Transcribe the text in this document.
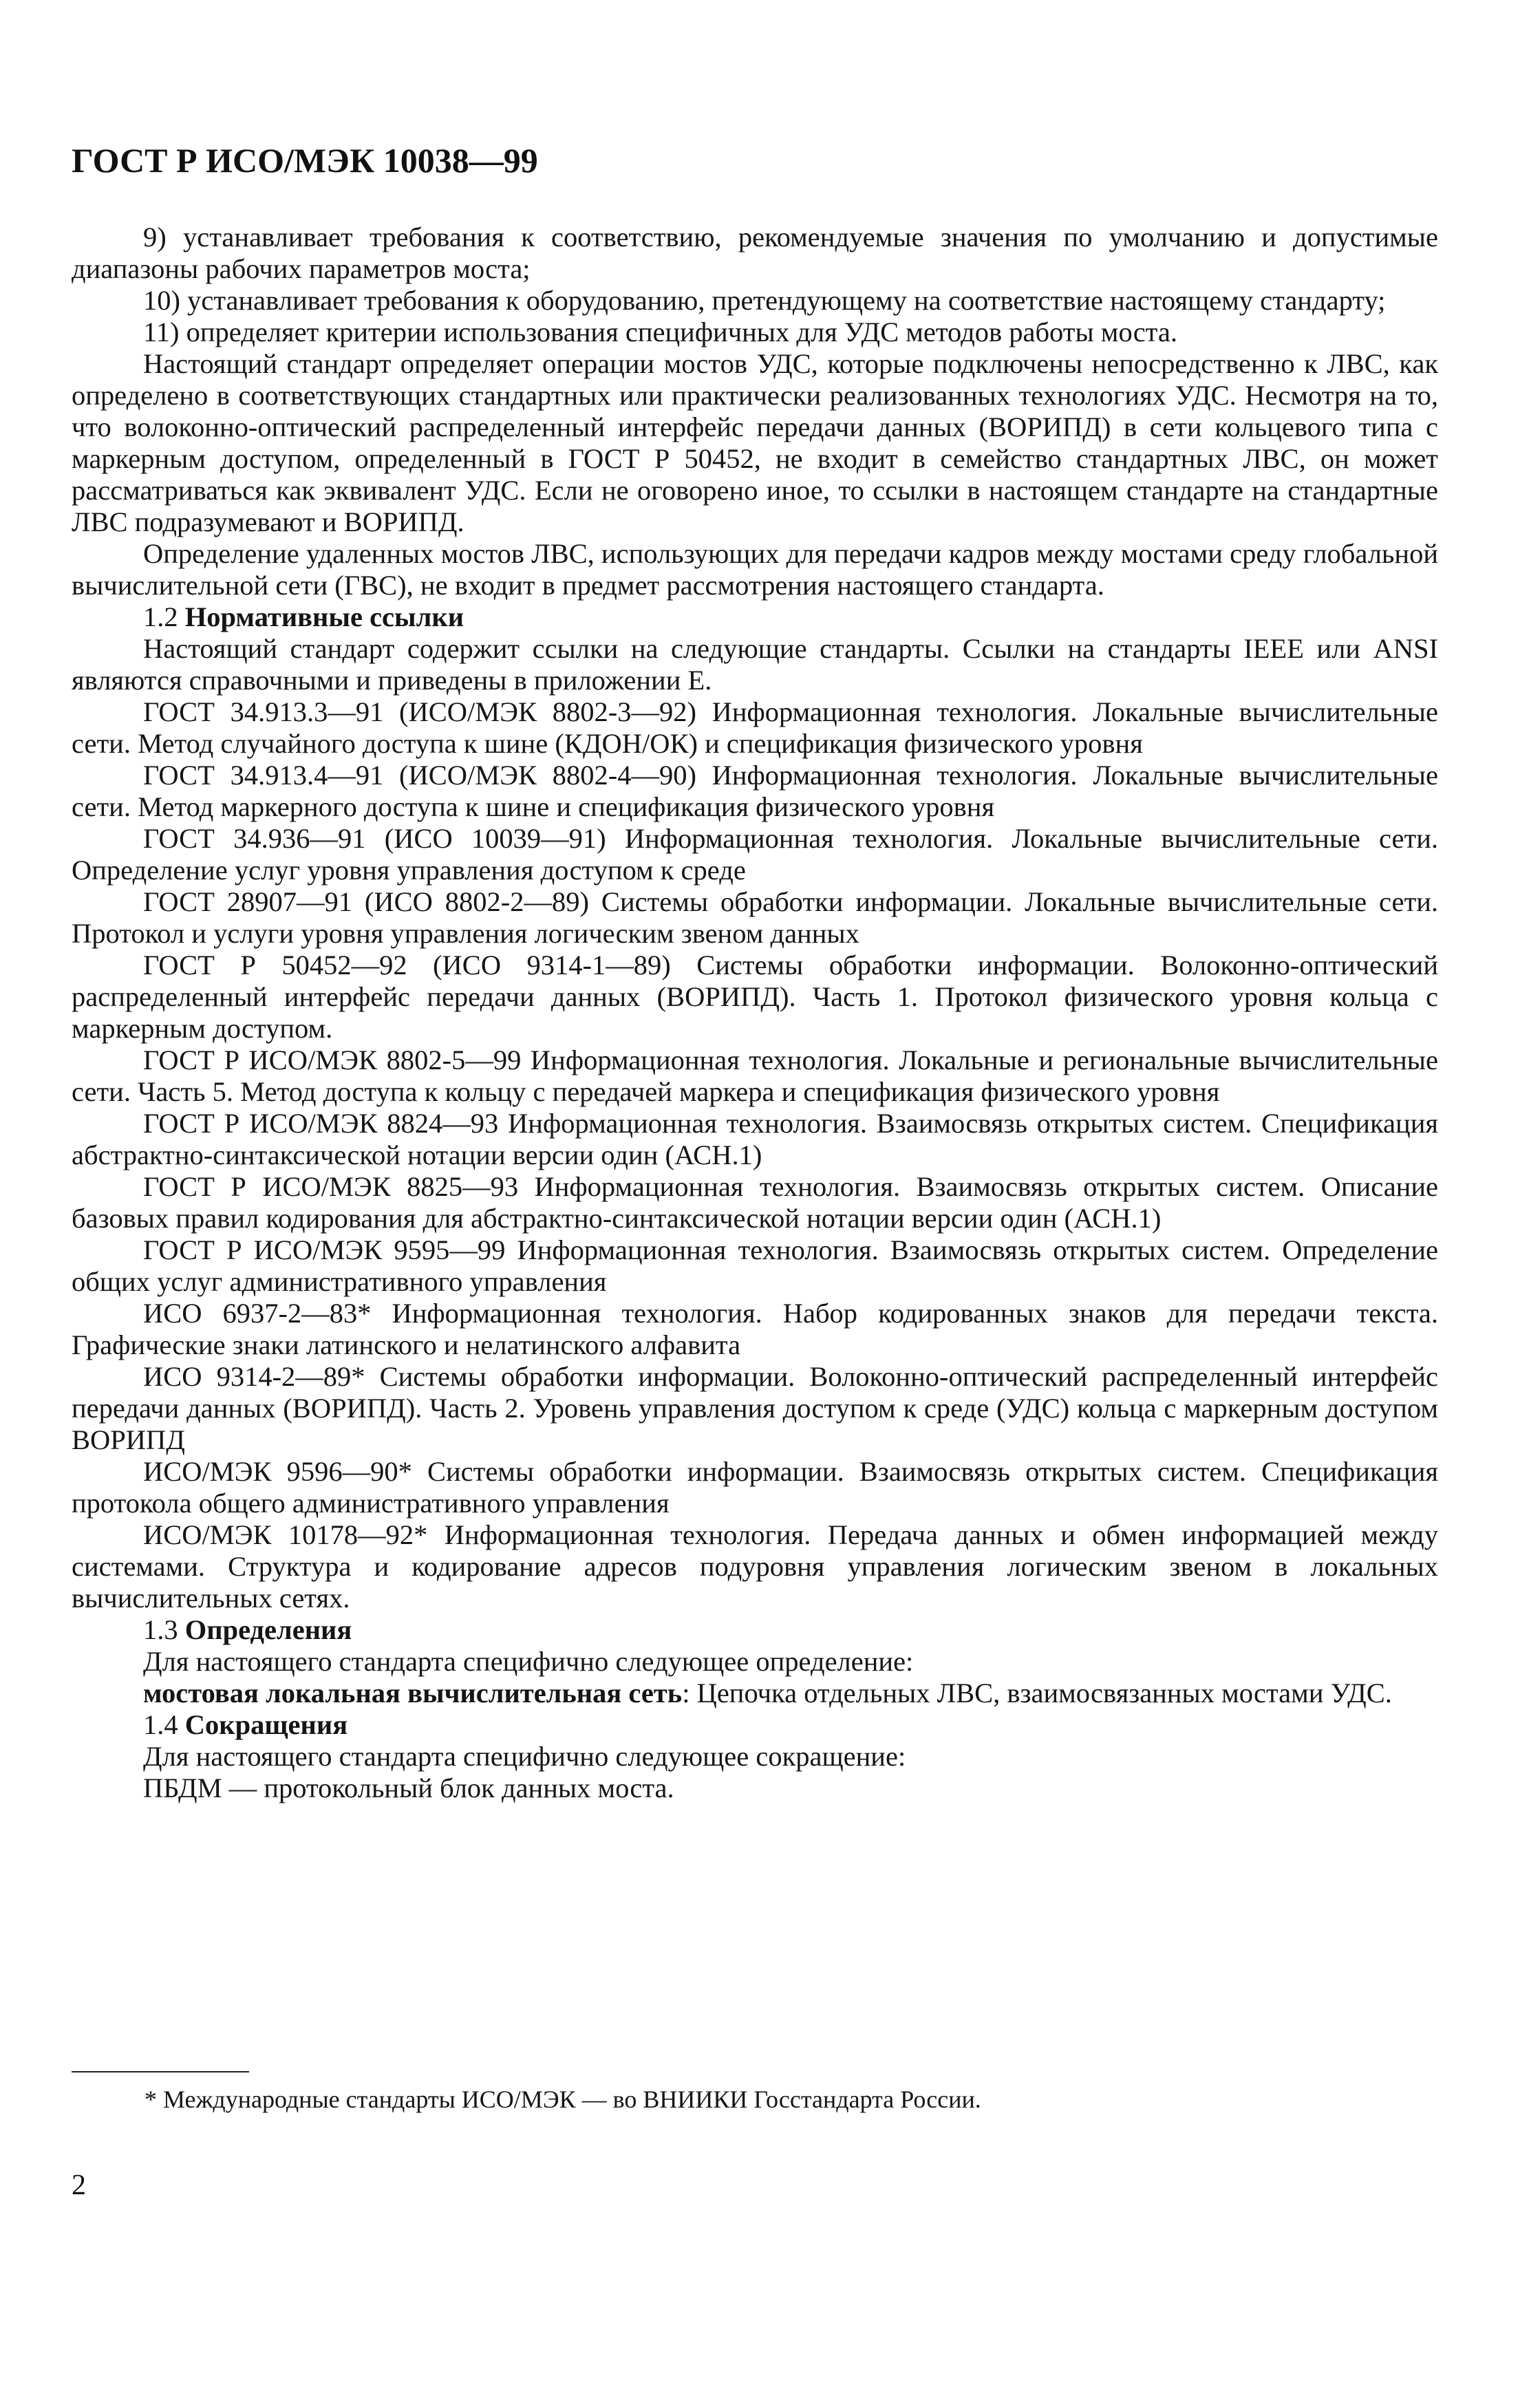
ГОСТ Р ИСО/МЭК 10038—99

9) устанавливает требования к соответствию, рекомендуемые значения по умолчанию и допустимые диапазоны рабочих параметров моста;

10) устанавливает требования к оборудованию, претендующему на соответствие настоящему стандарту;

11) определяет критерии использования специфичных для УДС методов работы моста.

Настоящий стандарт определяет операции мостов УДС, которые подключены непосредственно к ЛВС, как определено в соответствующих стандартных или практически реализованных технологиях УДС. Несмотря на то, что волоконно-оптический распределенный интерфейс передачи данных (ВОРИПД) в сети кольцевого типа с маркерным доступом, определенный в ГОСТ Р 50452, не входит в семейство стандартных ЛВС, он может рассматриваться как эквивалент УДС. Если не оговорено иное, то ссылки в настоящем стандарте на стандартные ЛВС подразумевают и ВОРИПД.

Определение удаленных мостов ЛВС, использующих для передачи кадров между мостами среду глобальной вычислительной сети (ГВС), не входит в предмет рассмотрения настоящего стандарта.

1.2 Нормативные ссылки

Настоящий стандарт содержит ссылки на следующие стандарты. Ссылки на стандарты IEEE или ANSI являются справочными и приведены в приложении Е.

ГОСТ 34.913.3—91 (ИСО/МЭК 8802-3—92) Информационная технология. Локальные вычислительные сети. Метод случайного доступа к шине (КДОН/ОК) и спецификация физического уровня

ГОСТ 34.913.4—91 (ИСО/МЭК 8802-4—90) Информационная технология. Локальные вычислительные сети. Метод маркерного доступа к шине и спецификация физического уровня

ГОСТ 34.936—91 (ИСО 10039—91) Информационная технология. Локальные вычислительные сети. Определение услуг уровня управления доступом к среде

ГОСТ 28907—91 (ИСО 8802-2—89) Системы обработки информации. Локальные вычислительные сети. Протокол и услуги уровня управления логическим звеном данных

ГОСТ Р 50452—92 (ИСО 9314-1—89) Системы обработки информации. Волоконно-оптический распределенный интерфейс передачи данных (ВОРИПД). Часть 1. Протокол физического уровня кольца с маркерным доступом.

ГОСТ Р ИСО/МЭК 8802-5—99 Информационная технология. Локальные и региональные вычислительные сети. Часть 5. Метод доступа к кольцу с передачей маркера и спецификация физического уровня

ГОСТ Р ИСО/МЭК 8824—93 Информационная технология. Взаимосвязь открытых систем. Спецификация абстрактно-синтаксической нотации версии один (АСН.1)

ГОСТ Р ИСО/МЭК 8825—93 Информационная технология. Взаимосвязь открытых систем. Описание базовых правил кодирования для абстрактно-синтаксической нотации версии один (АСН.1)

ГОСТ Р ИСО/МЭК 9595—99 Информационная технология. Взаимосвязь открытых систем. Определение общих услуг административного управления

ИСО 6937-2—83* Информационная технология. Набор кодированных знаков для передачи текста. Графические знаки латинского и нелатинского алфавита

ИСО 9314-2—89* Системы обработки информации. Волоконно-оптический распределенный интерфейс передачи данных (ВОРИПД). Часть 2. Уровень управления доступом к среде (УДС) кольца с маркерным доступом ВОРИПД

ИСО/МЭК 9596—90* Системы обработки информации. Взаимосвязь открытых систем. Спецификация протокола общего административного управления

ИСО/МЭК 10178—92* Информационная технология. Передача данных и обмен информацией между системами. Структура и кодирование адресов подуровня управления логическим звеном в локальных вычислительных сетях.

1.3 Определения

Для настоящего стандарта специфично следующее определение:

мостовая локальная вычислительная сеть: Цепочка отдельных ЛВС, взаимосвязанных мостами УДС.

1.4 Сокращения

Для настоящего стандарта специфично следующее сокращение:

ПБДМ — протокольный блок данных моста.

* Международные стандарты ИСО/МЭК — во ВНИИКИ Госстандарта России.
2
